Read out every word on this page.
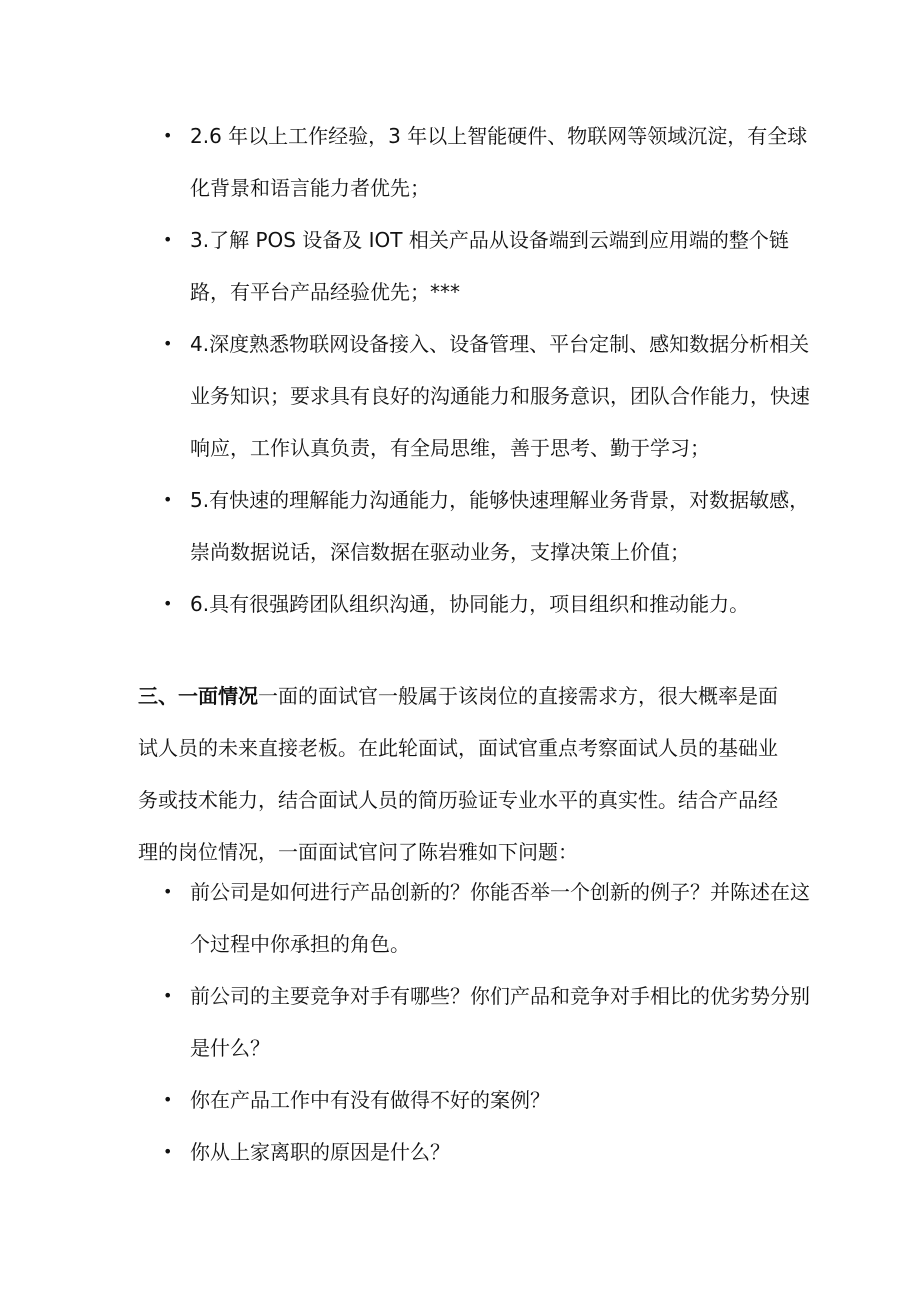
• 2.6 年以上工作经验，3 年以上智能硬件、物联网等领域沉淀，有全球化背景和语言能力者优先；
• 3.了解 POS 设备及 IOT 相关产品从设备端到云端到应用端的整个链路，有平台产品经验优先；***
• 4.深度熟悉物联网设备接入、设备管理、平台定制、感知数据分析相关业务知识；要求具有良好的沟通能力和服务意识，团队合作能力，快速响应，工作认真负责，有全局思维，善于思考、勤于学习；
• 5.有快速的理解能力沟通能力，能够快速理解业务背景，对数据敏感，崇尚数据说话，深信数据在驱动业务，支撑决策上价值；
• 6.具有很强跨团队组织沟通，协同能力，项目组织和推动能力。

三、一面情况一面的面试官一般属于该岗位的直接需求方，很大概率是面试人员的未来直接老板。在此轮面试，面试官重点考察面试人员的基础业务或技术能力，结合面试人员的简历验证专业水平的真实性。结合产品经理的岗位情况，一面面试官问了陈岩雅如下问题：

• 前公司是如何进行产品创新的？你能否举一个创新的例子？并陈述在这个过程中你承担的角色。
• 前公司的主要竞争对手有哪些？你们产品和竞争对手相比的优劣势分别是什么？
• 你在产品工作中有没有做得不好的案例？
• 你从上家离职的原因是什么？
